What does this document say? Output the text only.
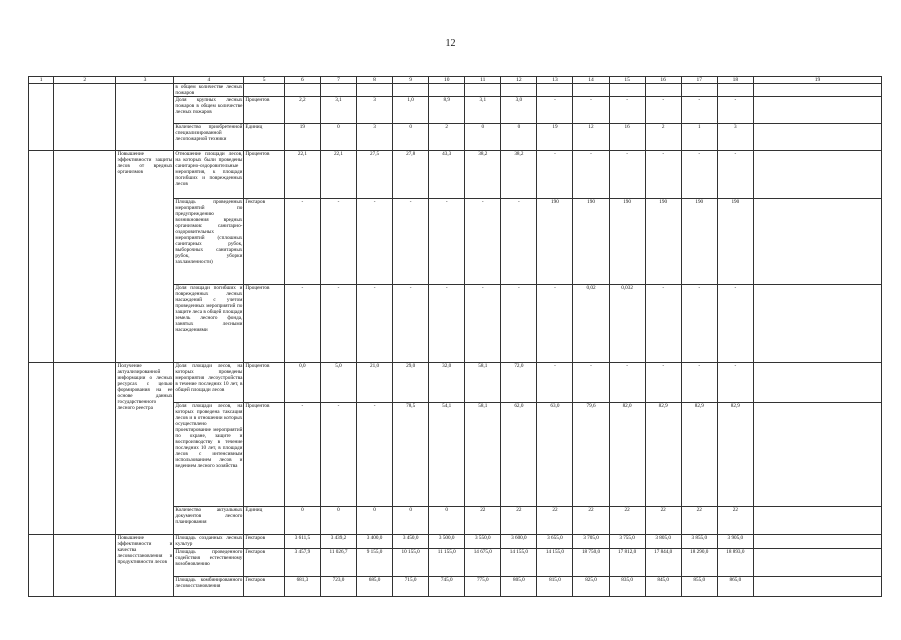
12
1	2	3	4	5	6	7	8	9	10	11	12	13	14	15	16	17	18	19
			в общем количестве лесных пожаров															
			Доля крупных лесных пожаров в общем количестве лесных пожаров	Процентов	2,2	3,1	3	1,0	8,9	3,1	3,0	-	-	-	-	-	-	
			Количество приобретенной специализированной лесопожарной техники	Единиц	19	0	3	0	2	0	0	19	12	16	2	1	3	
		Повышение эффективности защиты лесов от вредных организмов	Отношение площади лесов, на которых были проведены санитарно-оздоровительные мероприятия, к площади погибших и поврежденных лесов	Процентов	22,1	22,1	27,5	27,8	43,3	38,2	38,2	-	-	-	-	-	-	
			Площадь проведенных мероприятий по предупреждению возникновения вредных организмов: санитарно-оздоровительных мероприятий (сплошных санитарных рубок, выборочных санитарных рубок, уборки захламленности)	Гектаров	-	-	-	-	-	-	-	190	190	190	190	190	190	
			Доля площади погибших и поврежденных лесных насаждений с учетом проведенных мероприятий по защите леса в общей площади земель лесного фонда, занятых лесными насаждениями	Процентов	-	-	-	-	-	-	-	-	0,02	0,032	-	-	-	
		Получение актуализированной информации о лесных ресурсах с целью формирования на ее основе данных государственного лесного реестра	Доля площади лесов, на которых проведены мероприятия лесоустройства в течение последних 10 лет, в общей площади лесов	Процентов	0,0	5,0	21,0	29,0	32,0	58,1	72,0	-	-	-	-	-	-	
			Доля площади лесов, на которых проведена таксация лесов и в отношении которых осуществлено проектирование мероприятий по охране, защите и воспроизводству в течение последних 10 лет, в площади лесов с интенсивным использованием лесов и ведением лесного хозяйства	Процентов	-	-	-	78,5	54,1	58,1	62,0	63,0	79,6	82,0	82,9	82,9	82,9	
			Количество актуальных документов лесного планирования	Единиц	0	0	0	0	0	22	22	22	22	22	22	22	22	
		Повышение эффективности и качества лесовосстановления и продуктивности лесов	Площадь созданных лесных культур	Гектаров	3 611,5	3 439,2	3 400,0	3 450,0	3 500,0	3 550,0	3 600,0	3 655,0	3 705,0	3 755,0	3 805,0	3 855,0	3 905,0	
			Площадь проведенного содействия естественному возобновлению	Гектаров	3 457,9	11 026,7	9 155,0	10 155,0	11 155,0	14 675,0	14 155,0	14 155,0	18 750,0	17 812,0	17 844,0	18 290,0	18 893,0	
			Площадь комбинированного лесовосстановления	Гектаров	681,3	723,0	685,0	715,0	745,0	775,0	805,0	815,0	825,0	835,0	845,0	855,0	865,0	
